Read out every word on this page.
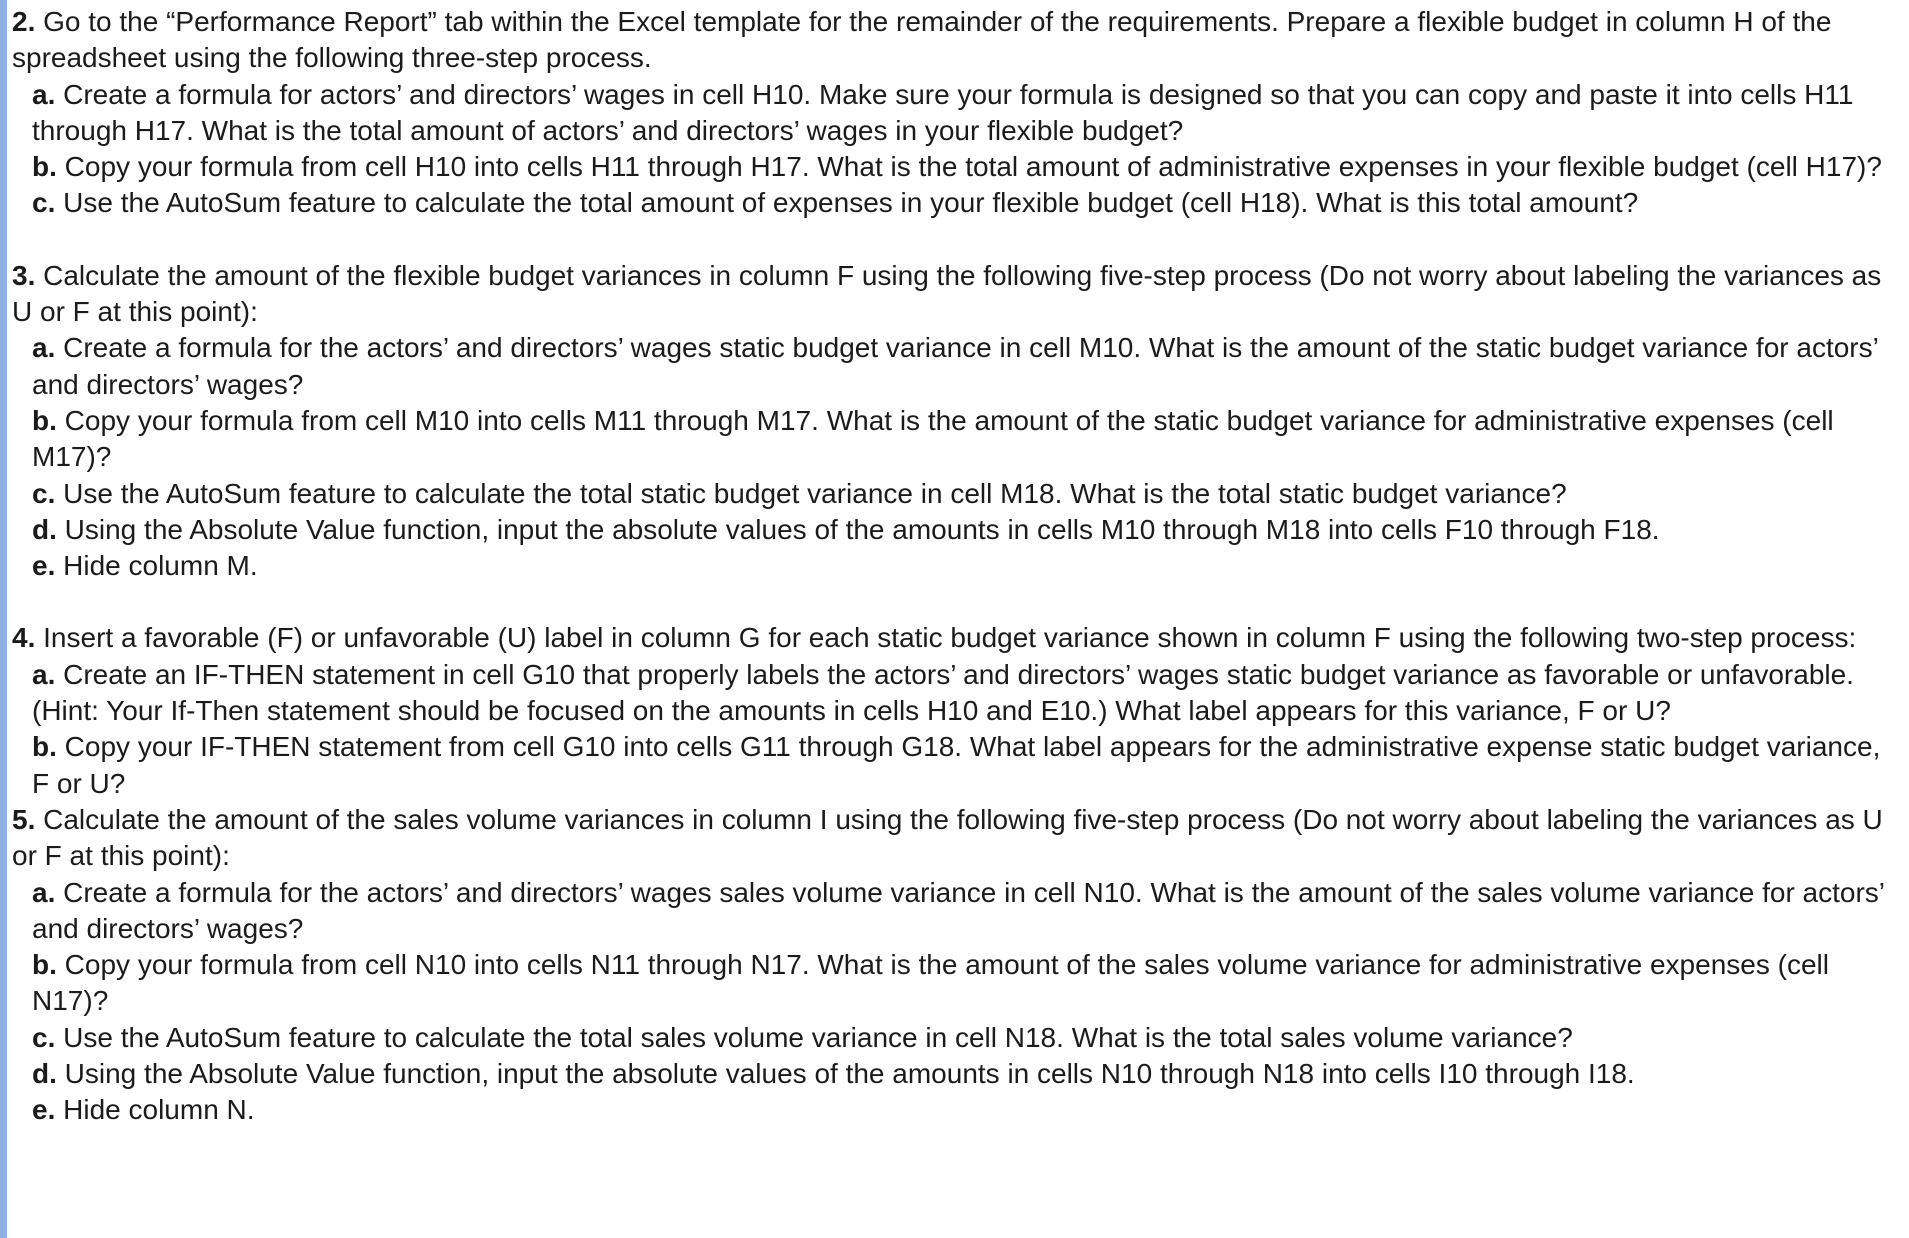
2. Go to the “Performance Report” tab within the Excel template for the remainder of the requirements. Prepare a flexible budget in column H of the spreadsheet using the following three-step process.

a. Create a formula for actors’ and directors’ wages in cell H10. Make sure your formula is designed so that you can copy and paste it into cells H11 through H17. What is the total amount of actors’ and directors’ wages in your flexible budget?

b. Copy your formula from cell H10 into cells H11 through H17. What is the total amount of administrative expenses in your flexible budget (cell H17)?

c. Use the AutoSum feature to calculate the total amount of expenses in your flexible budget (cell H18). What is this total amount?

3. Calculate the amount of the flexible budget variances in column F using the following five-step process (Do not worry about labeling the variances as U or F at this point):

a. Create a formula for the actors’ and directors’ wages static budget variance in cell M10. What is the amount of the static budget variance for actors’ and directors’ wages?

b. Copy your formula from cell M10 into cells M11 through M17. What is the amount of the static budget variance for administrative expenses (cell M17)?

c. Use the AutoSum feature to calculate the total static budget variance in cell M18. What is the total static budget variance?

d. Using the Absolute Value function, input the absolute values of the amounts in cells M10 through M18 into cells F10 through F18.

e. Hide column M.

4. Insert a favorable (F) or unfavorable (U) label in column G for each static budget variance shown in column F using the following two-step process:

a. Create an IF-THEN statement in cell G10 that properly labels the actors’ and directors’ wages static budget variance as favorable or unfavorable. (Hint: Your If-Then statement should be focused on the amounts in cells H10 and E10.) What label appears for this variance, F or U?

b. Copy your IF-THEN statement from cell G10 into cells G11 through G18. What label appears for the administrative expense static budget variance, F or U?

5. Calculate the amount of the sales volume variances in column I using the following five-step process (Do not worry about labeling the variances as U or F at this point):

a. Create a formula for the actors’ and directors’ wages sales volume variance in cell N10. What is the amount of the sales volume variance for actors’ and directors’ wages?

b. Copy your formula from cell N10 into cells N11 through N17. What is the amount of the sales volume variance for administrative expenses (cell N17)?

c. Use the AutoSum feature to calculate the total sales volume variance in cell N18. What is the total sales volume variance?

d. Using the Absolute Value function, input the absolute values of the amounts in cells N10 through N18 into cells I10 through I18.

e. Hide column N.
